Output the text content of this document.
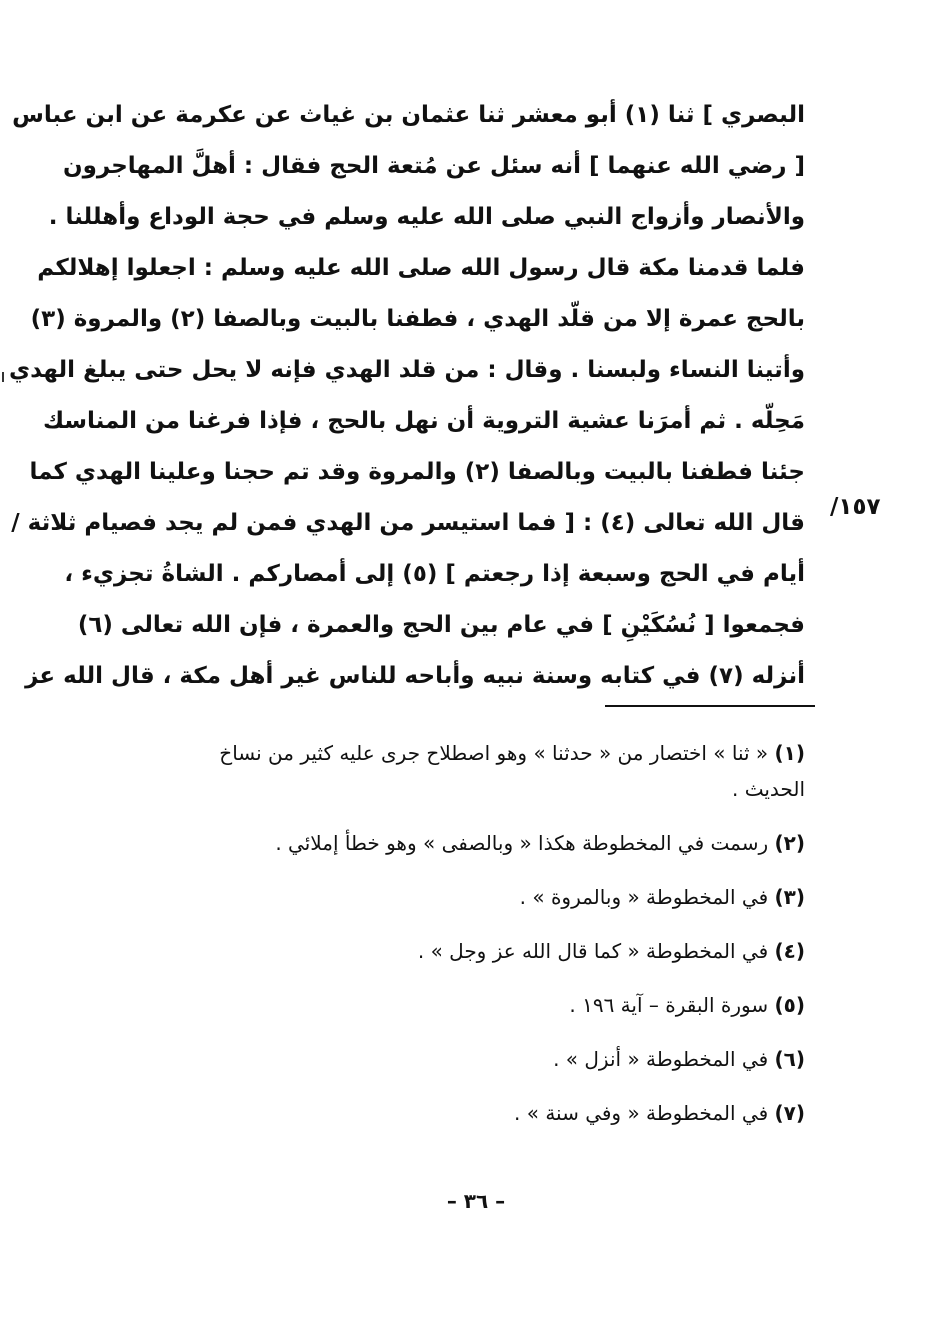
البصري ] ثنا (١) أبو معشر ثنا عثمان بن غياث عن عكرمة عن ابن عباس
[ رضي الله عنهما ] أنه سئل عن مُتعة الحج فقال : أهلَّ المهاجرون
والأنصار وأزواج النبي صلى الله عليه وسلم في حجة الوداع وأهللنا .
فلما قدمنا مكة قال رسول الله صلى الله عليه وسلم : اجعلوا إهلالكم
بالحج عمرة إلا من قلّد الهدي ، فطفنا بالبيت وبالصفا (٢) والمروة (٣)
وأتينا النساء ولبسنا . وقال : من قلد الهدي فإنه لا يحل حتى يبلغ الهدي
مَحِلّه . ثم أمرَنا عشية التروية أن نهل بالحج ، فإذا فرغنا من المناسك
جئنا فطفنا بالبيت وبالصفا (٢) والمروة وقد تم حجنا وعلينا الهدي كما
قال الله تعالى (٤) : [ فما استيسر من الهدي فمن لم يجد فصيام ثلاثة /
أيام في الحج وسبعة إذا رجعتم ] (٥) إلى أمصاركم . الشاةُ تجزيء ،
فجمعوا [ نُسُكَيْنِ ] في عام بين الحج والعمرة ، فإن الله تعالى (٦)
أنزله (٧) في كتابه وسنة نبيه وأباحه للناس غير أهل مكة ، قال الله عز
١٥٧/
(١) « ثنا » اختصار من « حدثنا » وهو اصطلاح جرى عليه كثير من نساخ الحديث .
(٢) رسمت في المخطوطة هكذا « وبالصفى » وهو خطأ إملائي .
(٣) في المخطوطة « وبالمروة » .
(٤) في المخطوطة « كما قال الله عز وجل » .
(٥) سورة البقرة – آية ١٩٦ .
(٦) في المخطوطة « أنزل » .
(٧) في المخطوطة « وفي سنة » .
– ٣٦ –
